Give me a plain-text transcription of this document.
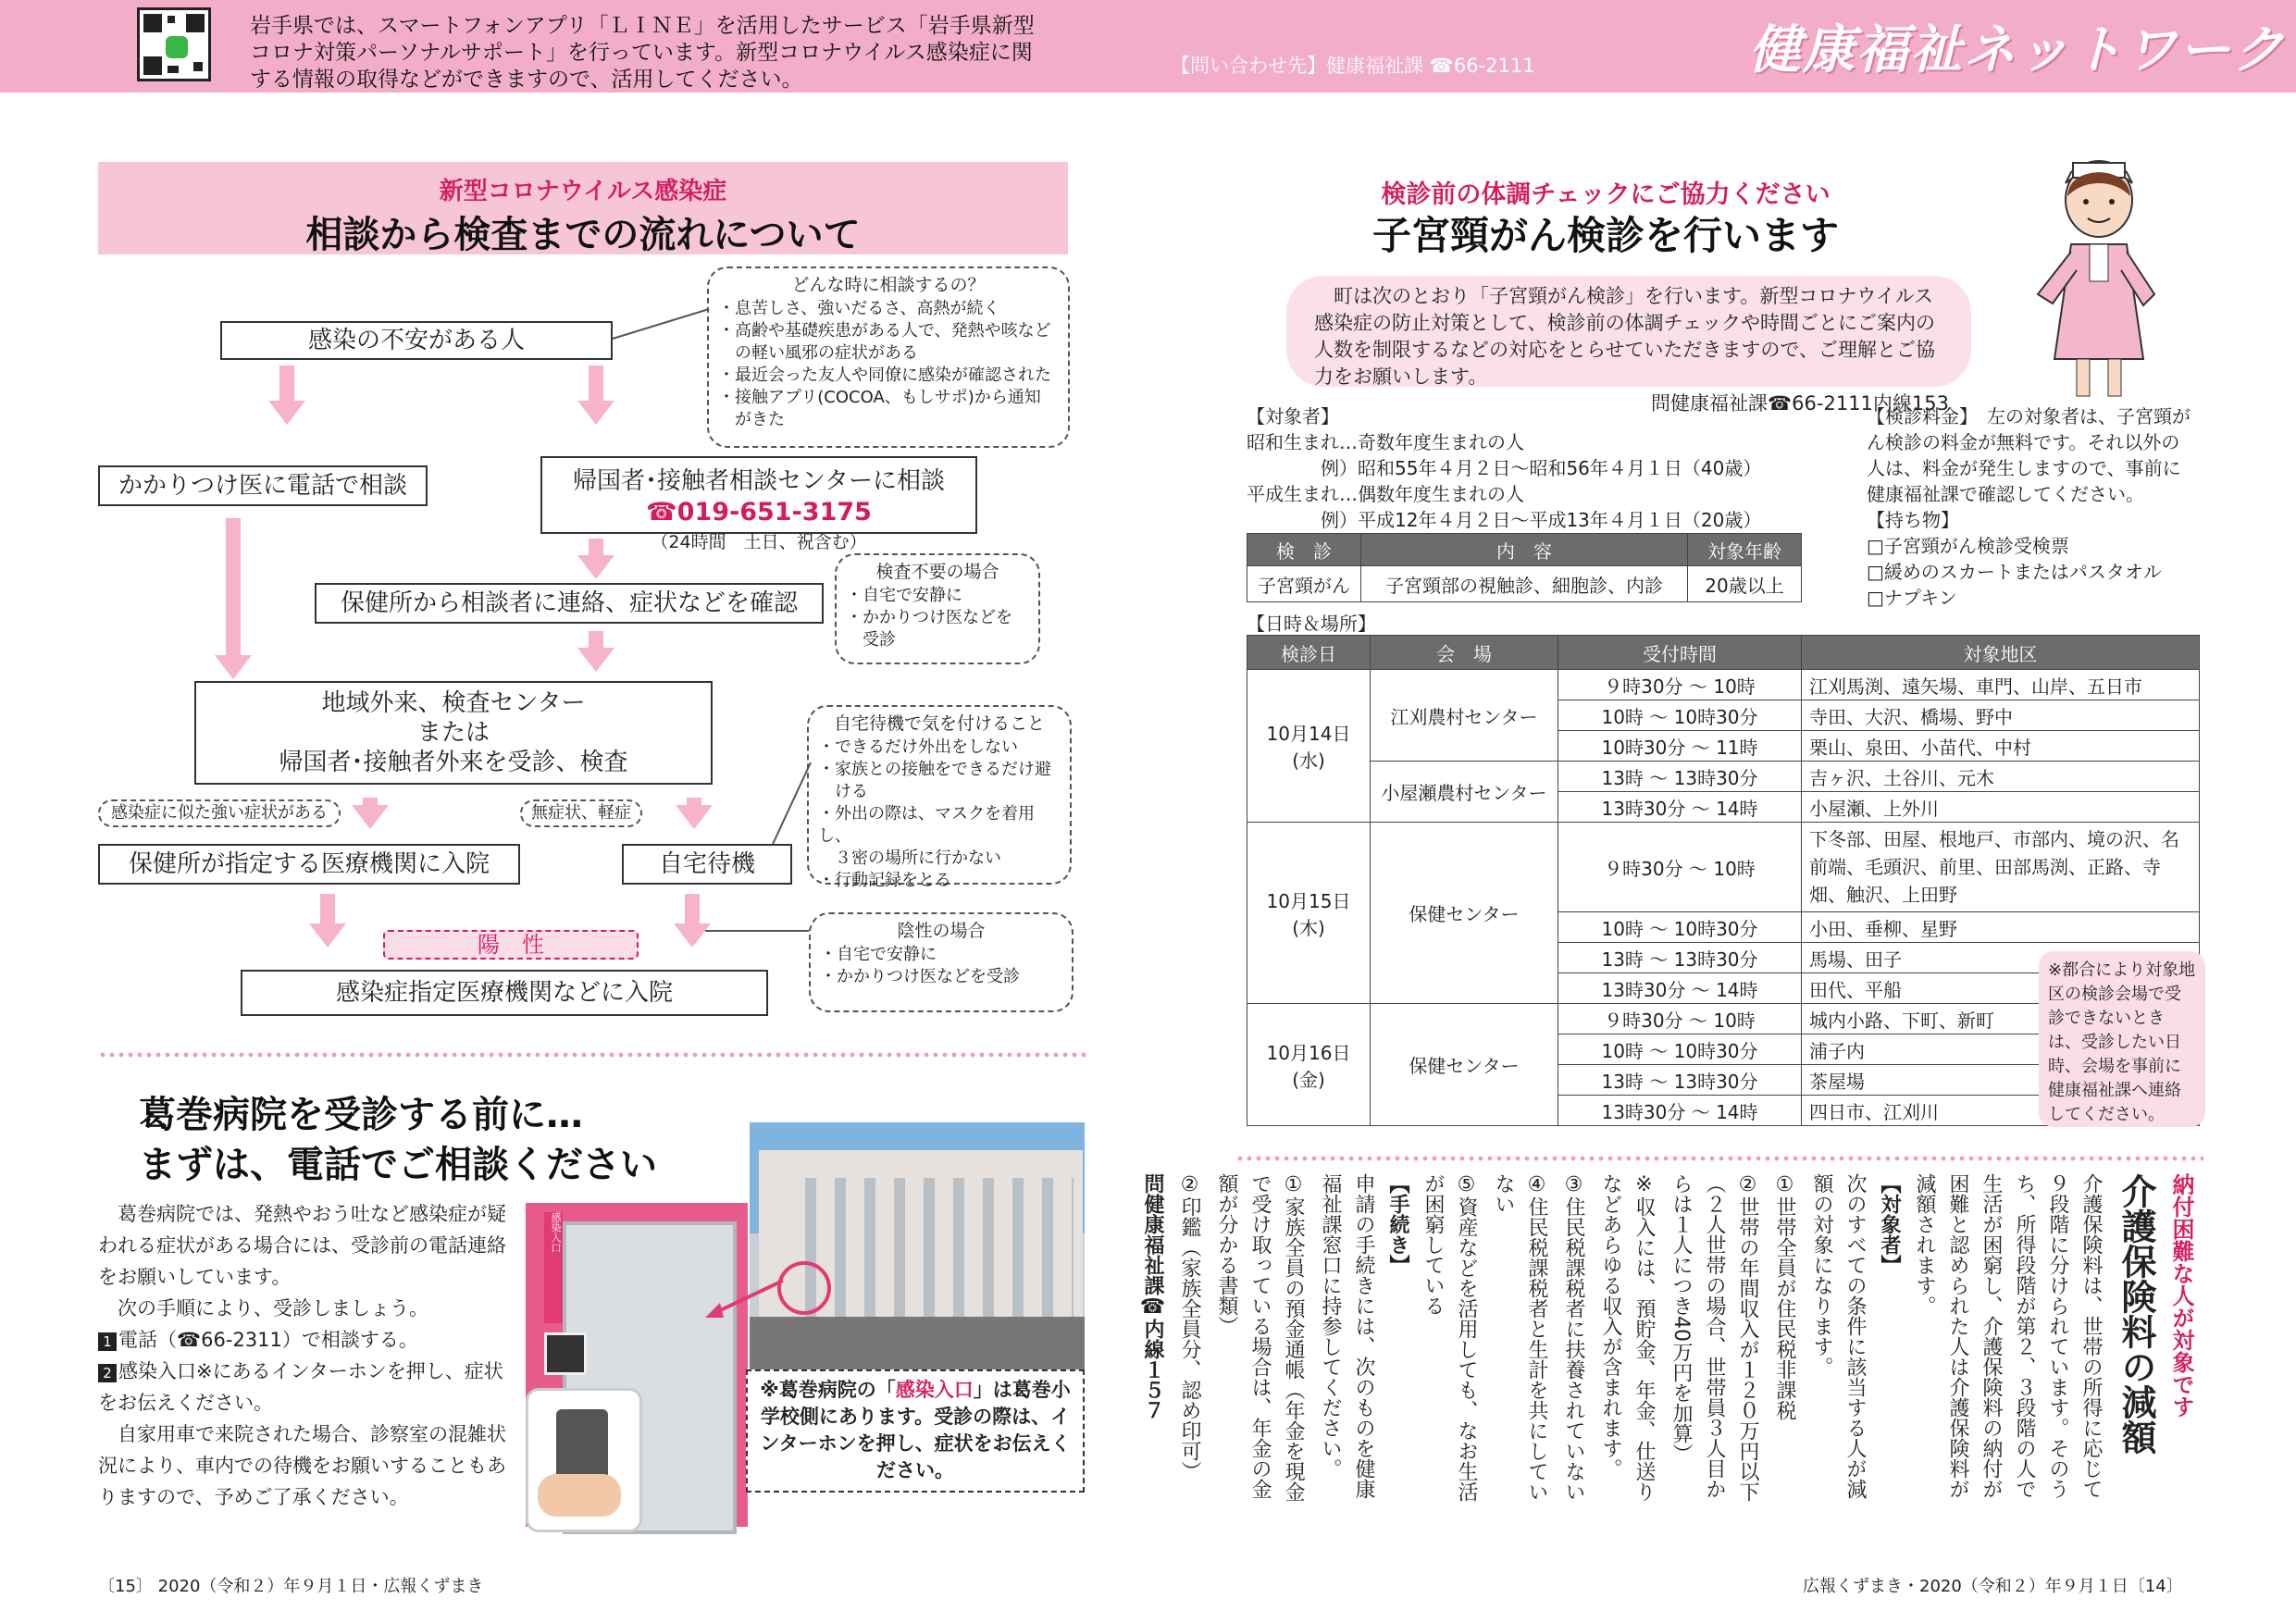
岩手県では、スマートフォンアプリ「ＬＩＮＥ」を活用したサービス「岩手県新型コロナ対策パーソナルサポート」を行っています。新型コロナウイルス感染症に関する情報の取得などができますので、活用してください。
【問い合わせ先】健康福祉課 ☎66-2111	健康福祉ネットワーク
新型コロナウイルス感染症
相談から検査までの流れについて
感染の不安がある人
どんな時に相談するの？
・息苦しさ、強いだるさ、高熱が続く
・高齢や基礎疾患がある人で、発熱や咳など
　の軽い風邪の症状がある
・最近会った友人や同僚に感染が確認された
・接触アプリ(COCOA、もしサポ)から通知
　がきた
かかりつけ医に電話で相談	帰国者･接触者相談センターに相談
☎019-651-3175（24時間　土日、祝含む）
保健所から相談者に連絡、症状などを確認
検査不要の場合
・自宅で安静に
・かかりつけ医などを
　受診
地域外来、検査センター
または
帰国者･接触者外来を受診、検査
自宅待機で気を付けること
・できるだけ外出をしない
・家族との接触をできるだけ避
　ける
・外出の際は、マスクを着用し、
　３密の場所に行かない
・行動記録をとる
感染症に似た強い症状がある	無症状、軽症
保健所が指定する医療機関に入院	自宅待機
陽　性
陰性の場合
・自宅で安静に
・かかりつけ医などを受診
感染症指定医療機関などに入院
葛巻病院を受診する前に…
まずは、電話でご相談ください
　葛巻病院では、発熱やおう吐など感染症が疑われる症状がある場合には、受診前の電話連絡をお願いしています。
　次の手順により、受診しましょう。
1 電話（☎66-2311）で相談する。
2 感染入口※にあるインターホンを押し、症状をお伝えください。
　自家用車で来院された場合、診察室の混雑状況により、車内での待機をお願いすることもありますので、予めご了承ください。
感染入口
※葛巻病院の「感染入口」は葛巻小学校側にあります。受診の際は、インターホンを押し、症状をお伝えください。
〔15〕 2020（令和２）年９月１日・広報くずまき
検診前の体調チェックにご協力ください
子宮頸がん検診を行います
　町は次のとおり「子宮頸がん検診」を行います。新型コロナウイルス感染症の防止対策として、検診前の体調チェックや時間ごとにご案内の人数を制限するなどの対応をとらせていただきますので、ご理解とご協力をお願いします。
問健康福祉課☎66-2111内線153
【対象者】
昭和生まれ…奇数年度生まれの人
　　　　例）昭和55年４月２日～昭和56年４月１日（40歳）
平成生まれ…偶数年度生まれの人
　　　　例）平成12年４月２日～平成13年４月１日（20歳）
【検診料金】　左の対象者は、子宮頸が
ん検診の料金が無料です。それ以外の
人は、料金が発生しますので、事前に
健康福祉課で確認してください。
【持ち物】
□子宮頸がん検診受検票
□緩めのスカートまたはパスタオル
□ナプキン
検　診	内　容	対象年齢
子宮頸がん	子宮頸部の視触診、細胞診、内診	20歳以上
【日時＆場所】
検診日	会　場	受付時間	対象地区

10月14日
(水)	江刈農村センター	９時30分 ～ 10時	江刈馬渕、遠矢場、車門、山岸、五日市
		10時 ～ 10時30分	寺田、大沢、橋場、野中
		10時30分 ～ 11時	栗山、泉田、小苗代、中村
	小屋瀬農村センター	13時 ～ 13時30分	吉ヶ沢、土谷川、元木
		13時30分 ～ 14時	小屋瀬、上外川

10月15日
(木)	保健センター	９時30分 ～ 10時	下冬部、田屋、根地戸、市部内、境の沢、名前端、毛頭沢、前里、田部馬渕、正路、寺畑、触沢、上田野
		10時 ～ 10時30分	小田、垂柳、星野
		13時 ～ 13時30分	馬場、田子
		13時30分 ～ 14時	田代、平船

10月16日
(金)	保健センター	９時30分 ～ 10時	城内小路、下町、新町
		10時 ～ 10時30分	浦子内
		13時 ～ 13時30分	茶屋場
		13時30分 ～ 14時	四日市、江刈川
※都合により対象地区の検診会場で受診できないときは、受診したい日時、会場を事前に健康福祉課へ連絡してください。
納付困難な人が対象です
介護保険料の減額
介護保険料は、世帯の所得に応じて９段階に分けられています。そのうち、所得段階が第２、３段階の人で生活が困窮し、介護保険料の納付が困難と認められた人は介護保険料が減額されます。
【対象者】
次のすべての条件に該当する人が減額の対象になります。
①世帯全員が住民税非課税
②世帯の年間収入が１２０万円以下（２人世帯の場合、世帯員３人目からは１人につき40万円を加算）
※収入には、預貯金、年金、仕送りなどあらゆる収入が含まれます。
③住民税課税者に扶養されていない
④住民税課税者と生計を共にしていない
⑤資産などを活用しても、なお生活が困窮している
【手続き】
申請の手続きには、次のものを健康福祉課窓口に持参してください。
①家族全員の預金通帳（年金を現金で受け取っている場合は、年金の金額が分かる書類）
②印鑑（家族全員分、認め印可）
問健康福祉課☎内線１５７
広報くずまき・2020（令和２）年９月１日〔14〕
